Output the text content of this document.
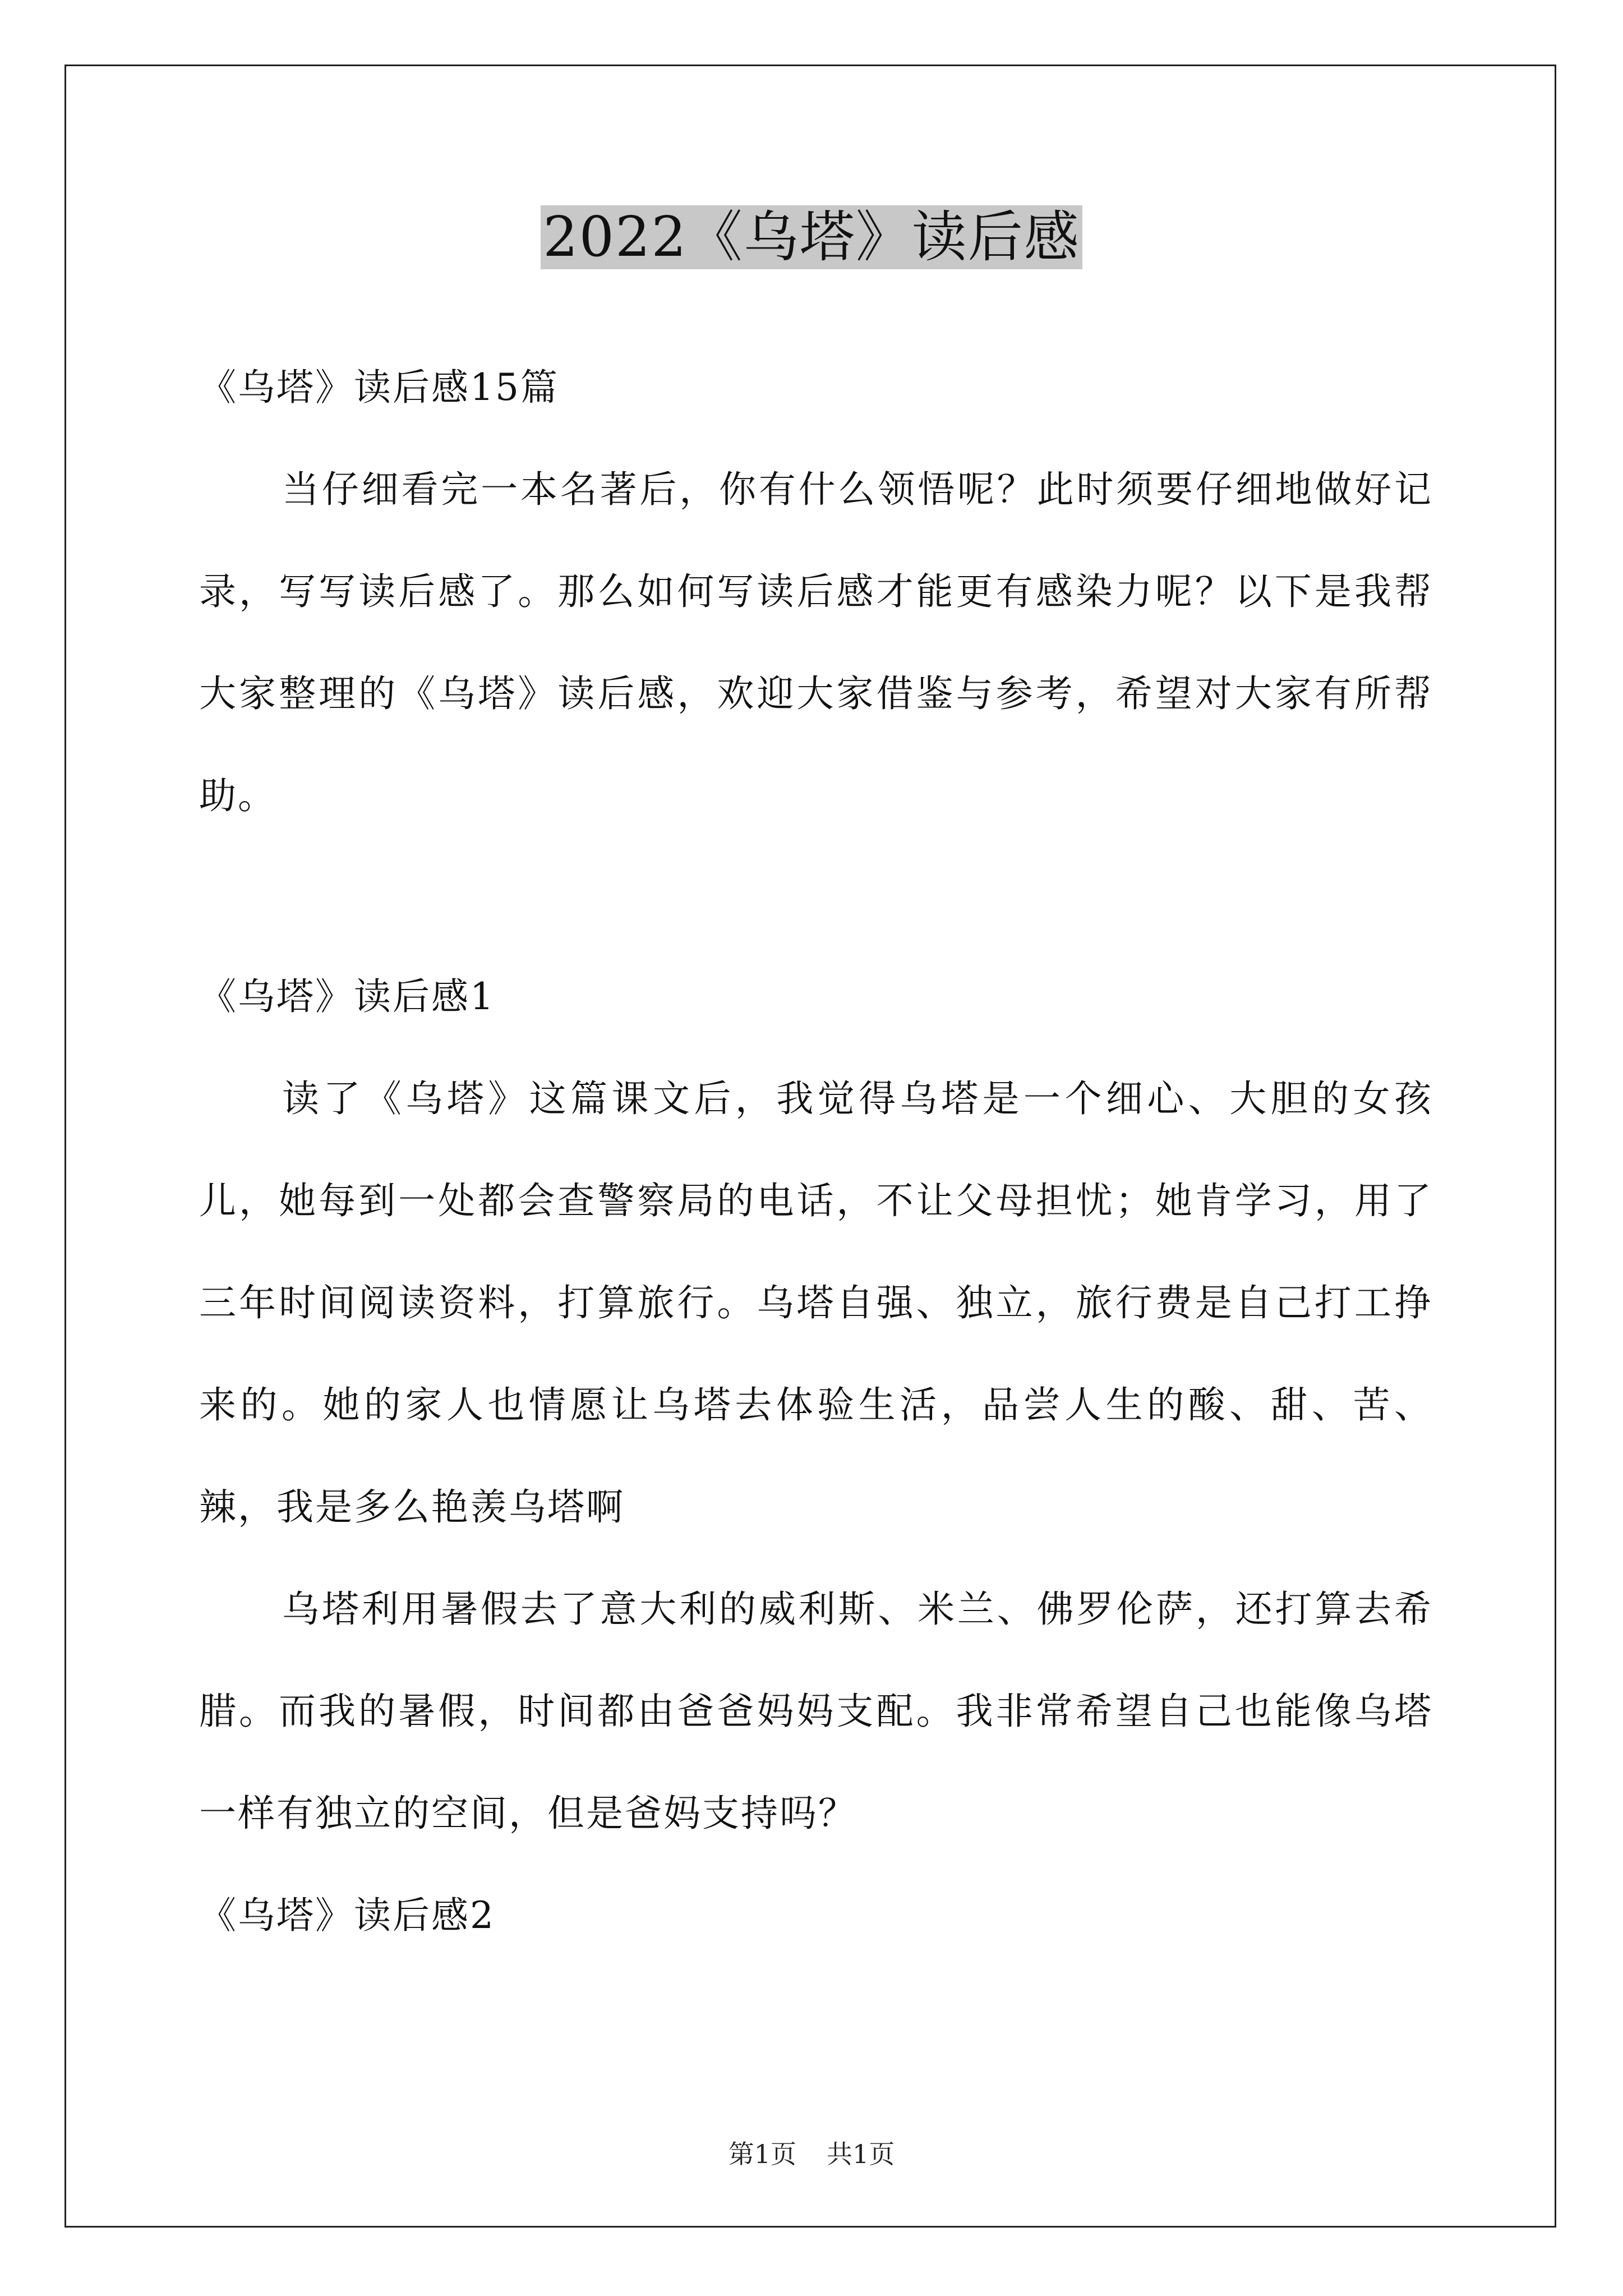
2022《乌塔》读后感

《乌塔》读后感15篇

当仔细看完一本名著后，你有什么领悟呢？此时须要仔细地做好记录，写写读后感了。那么如何写读后感才能更有感染力呢？以下是我帮大家整理的《乌塔》读后感，欢迎大家借鉴与参考，希望对大家有所帮助。

《乌塔》读后感1

读了《乌塔》这篇课文后，我觉得乌塔是一个细心、大胆的女孩儿，她每到一处都会查警察局的电话，不让父母担忧；她肯学习，用了三年时间阅读资料，打算旅行。乌塔自强、独立，旅行费是自己打工挣来的。她的家人也情愿让乌塔去体验生活，品尝人生的酸、甜、苦、辣，我是多么艳羡乌塔啊

乌塔利用暑假去了意大利的威利斯、米兰、佛罗伦萨，还打算去希腊。而我的暑假，时间都由爸爸妈妈支配。我非常希望自己也能像乌塔一样有独立的空间，但是爸妈支持吗？

《乌塔》读后感2

第1页 共1页
